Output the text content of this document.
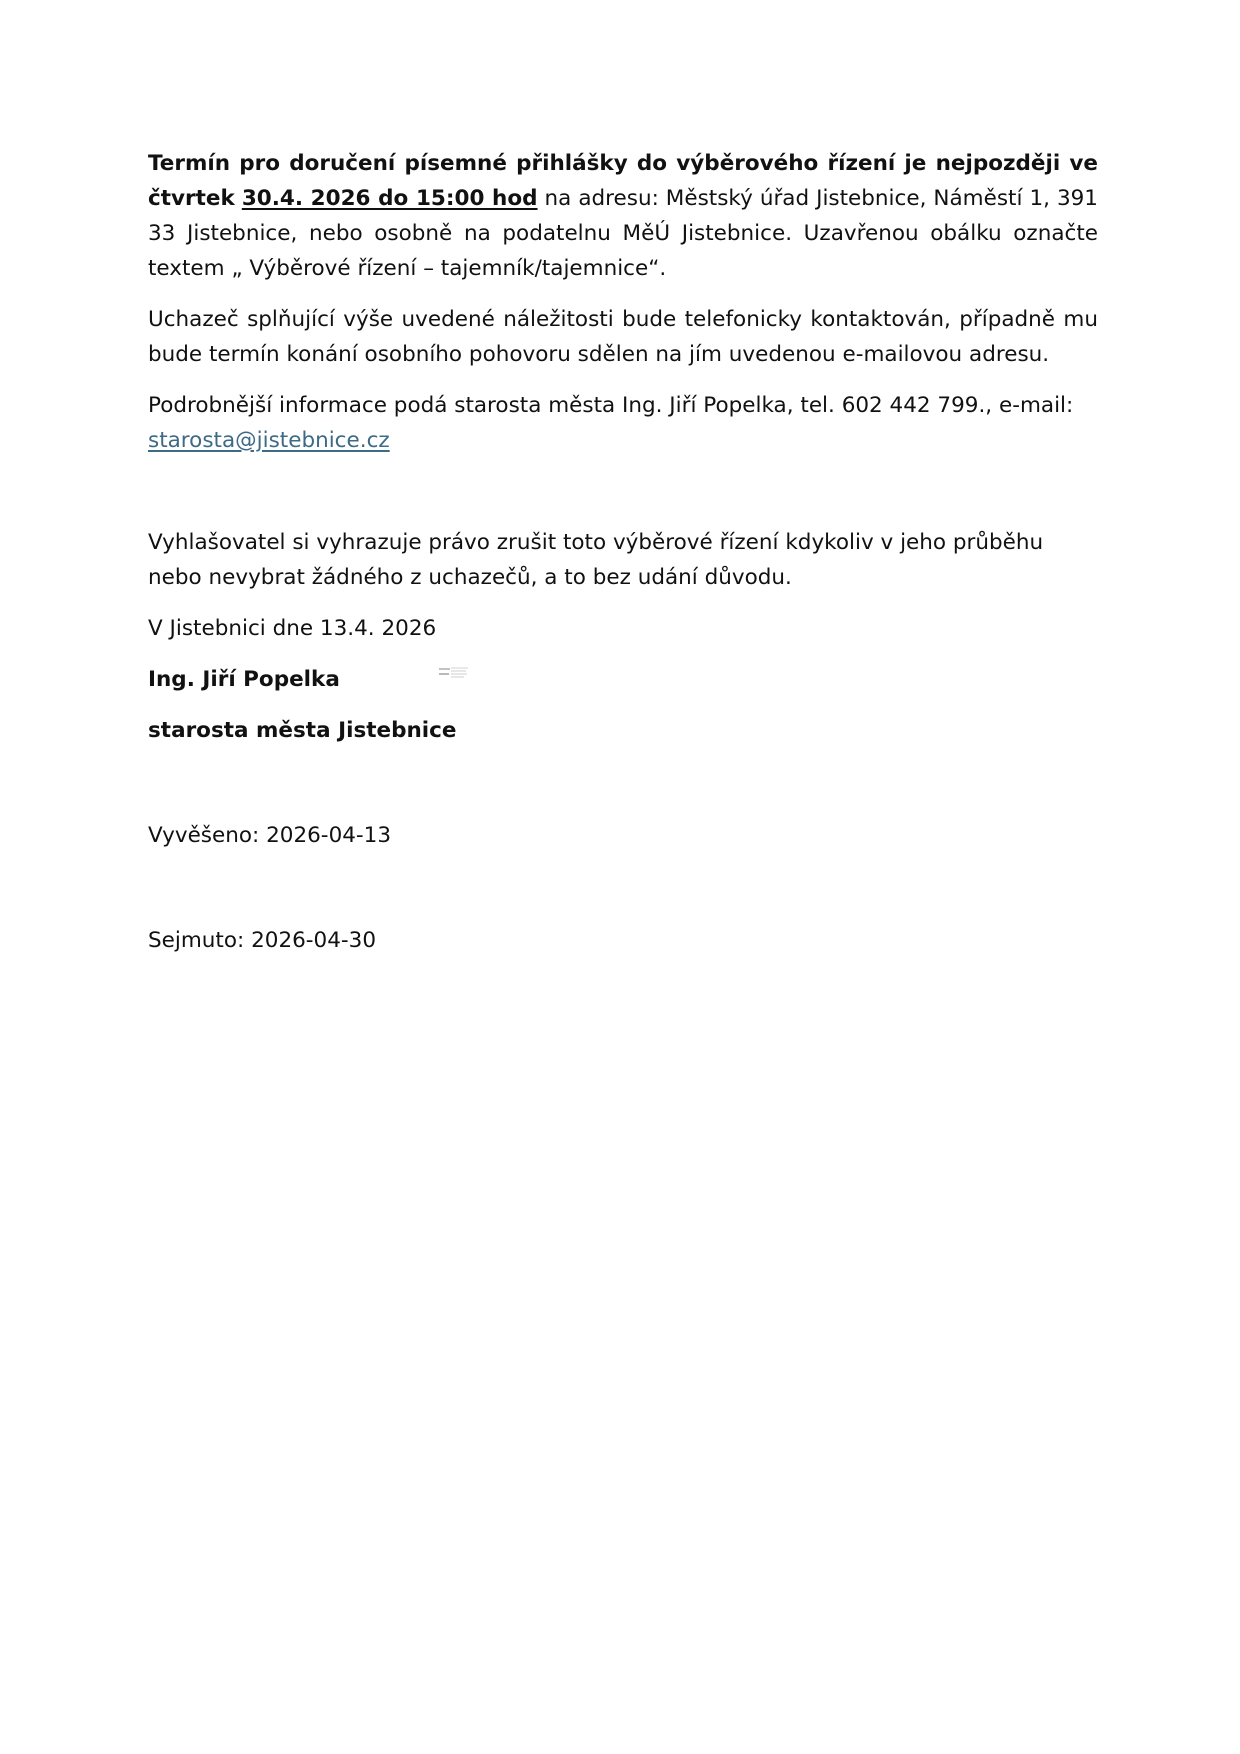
Termín pro doručení písemné přihlášky do výběrového řízení je nejpozději ve čtvrtek 30.4. 2026 do 15:00 hod na adresu: Městský úřad Jistebnice, Náměstí 1, 391 33 Jistebnice, nebo osobně na podatelnu MěÚ Jistebnice. Uzavřenou obálku označte textem „ Výběrové řízení – tajemník/tajemnice“.

Uchazeč splňující výše uvedené náležitosti bude telefonicky kontaktován, případně mu bude termín konání osobního pohovoru sdělen na jím uvedenou e-mailovou adresu.

Podrobnější informace podá starosta města Ing. Jiří Popelka, tel. 602 442 799., e-mail: starosta@jistebnice.cz

Vyhlašovatel si vyhrazuje právo zrušit toto výběrové řízení kdykoliv v jeho průběhu nebo nevybrat žádného z uchazečů, a to bez udání důvodu.

V Jistebnici dne 13.4. 2026

Ing. Jiří Popelka

starosta města Jistebnice

Vyvěšeno: 2026-04-13

Sejmuto: 2026-04-30
